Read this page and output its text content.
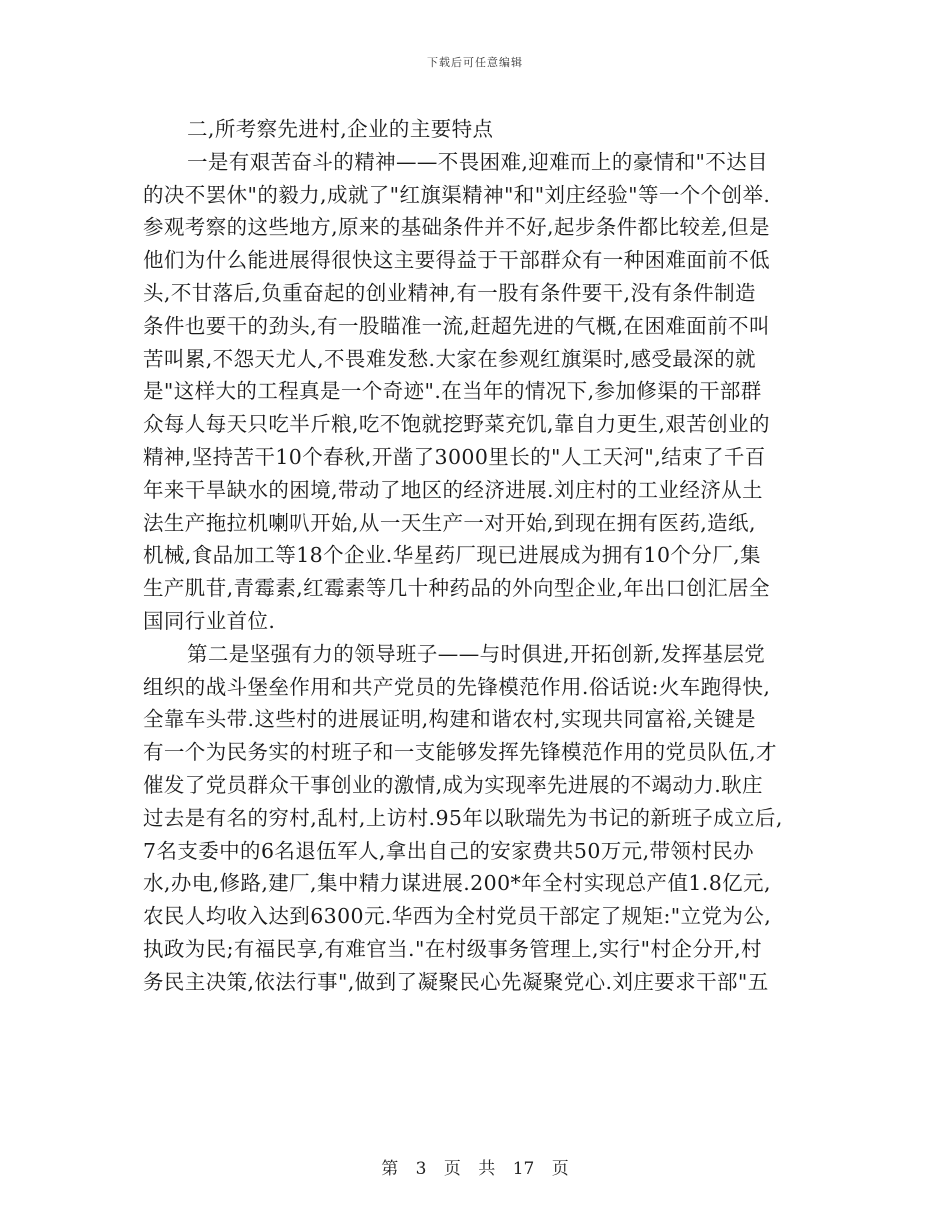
下载后可任意编辑
二,所考察先进村,企业的主要特点
一是有艰苦奋斗的精神——不畏困难,迎难而上的豪情和"不达目
的决不罢休"的毅力,成就了"红旗渠精神"和"刘庄经验"等一个个创举.
参观考察的这些地方,原来的基础条件并不好,起步条件都比较差,但是
他们为什么能进展得很快这主要得益于干部群众有一种困难面前不低
头,不甘落后,负重奋起的创业精神,有一股有条件要干,没有条件制造
条件也要干的劲头,有一股瞄准一流,赶超先进的气概,在困难面前不叫
苦叫累,不怨天尤人,不畏难发愁.大家在参观红旗渠时,感受最深的就
是"这样大的工程真是一个奇迹".在当年的情况下,参加修渠的干部群
众每人每天只吃半斤粮,吃不饱就挖野菜充饥,靠自力更生,艰苦创业的
精神,坚持苦干10个春秋,开凿了3000里长的"人工天河",结束了千百
年来干旱缺水的困境,带动了地区的经济进展.刘庄村的工业经济从土
法生产拖拉机喇叭开始,从一天生产一对开始,到现在拥有医药,造纸,
机械,食品加工等18个企业.华星药厂现已进展成为拥有10个分厂,集
生产肌苷,青霉素,红霉素等几十种药品的外向型企业,年出口创汇居全
国同行业首位.
第二是坚强有力的领导班子——与时俱进,开拓创新,发挥基层党
组织的战斗堡垒作用和共产党员的先锋模范作用.俗话说:火车跑得快,
全靠车头带.这些村的进展证明,构建和谐农村,实现共同富裕,关键是
有一个为民务实的村班子和一支能够发挥先锋模范作用的党员队伍,才
催发了党员群众干事创业的激情,成为实现率先进展的不竭动力.耿庄
过去是有名的穷村,乱村,上访村.95年以耿瑞先为书记的新班子成立后,
7名支委中的6名退伍军人,拿出自己的安家费共50万元,带领村民办
水,办电,修路,建厂,集中精力谋进展.200*年全村实现总产值1.8亿元,
农民人均收入达到6300元.华西为全村党员干部定了规矩:"立党为公,
执政为民;有福民享,有难官当."在村级事务管理上,实行"村企分开,村
务民主决策,依法行事",做到了凝聚民心先凝聚党心.刘庄要求干部"五
第 3 页 共 17 页
